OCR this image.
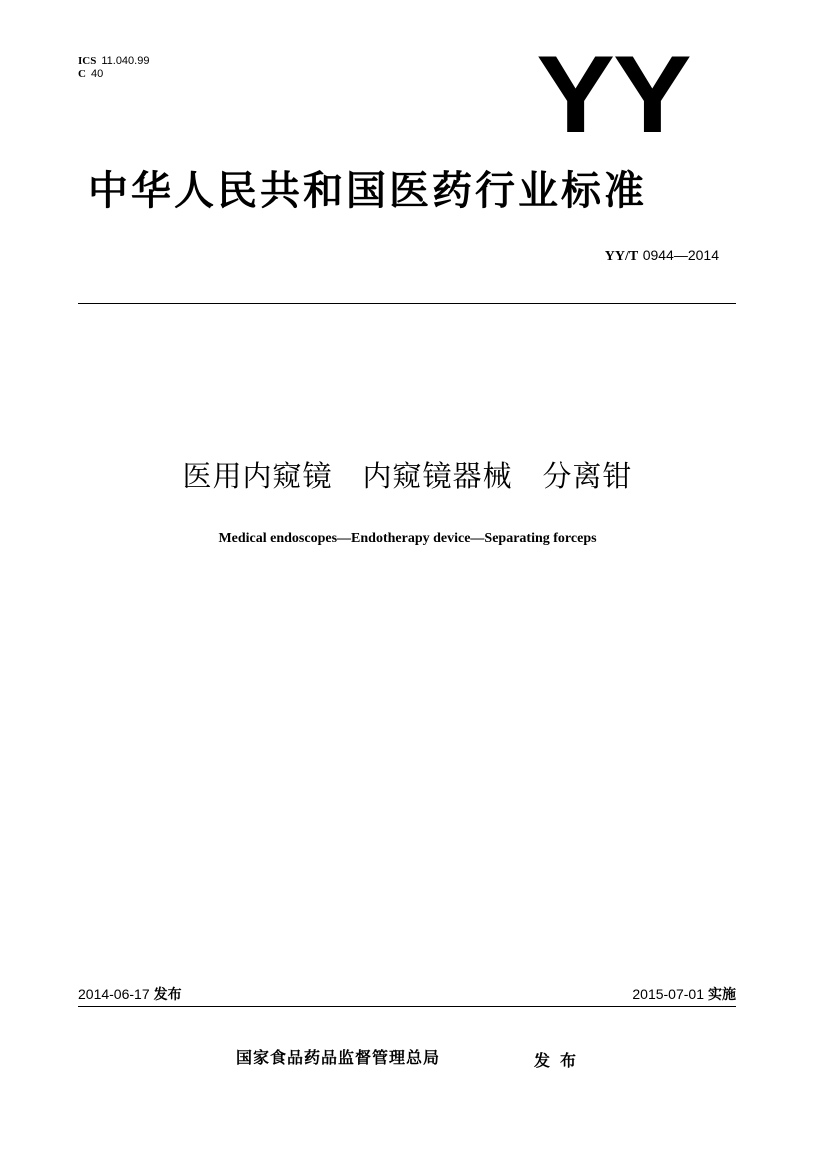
ICS 11.040.99
C 40	YY
中华人民共和国医药行业标准
YY/T 0944—2014
医用内窥镜　内窥镜器械　分离钳
Medical endoscopes—Endotherapy device—Separating forceps
2014-06-17 发布	2015-07-01 实施
国家食品药品监督管理总局	发布
